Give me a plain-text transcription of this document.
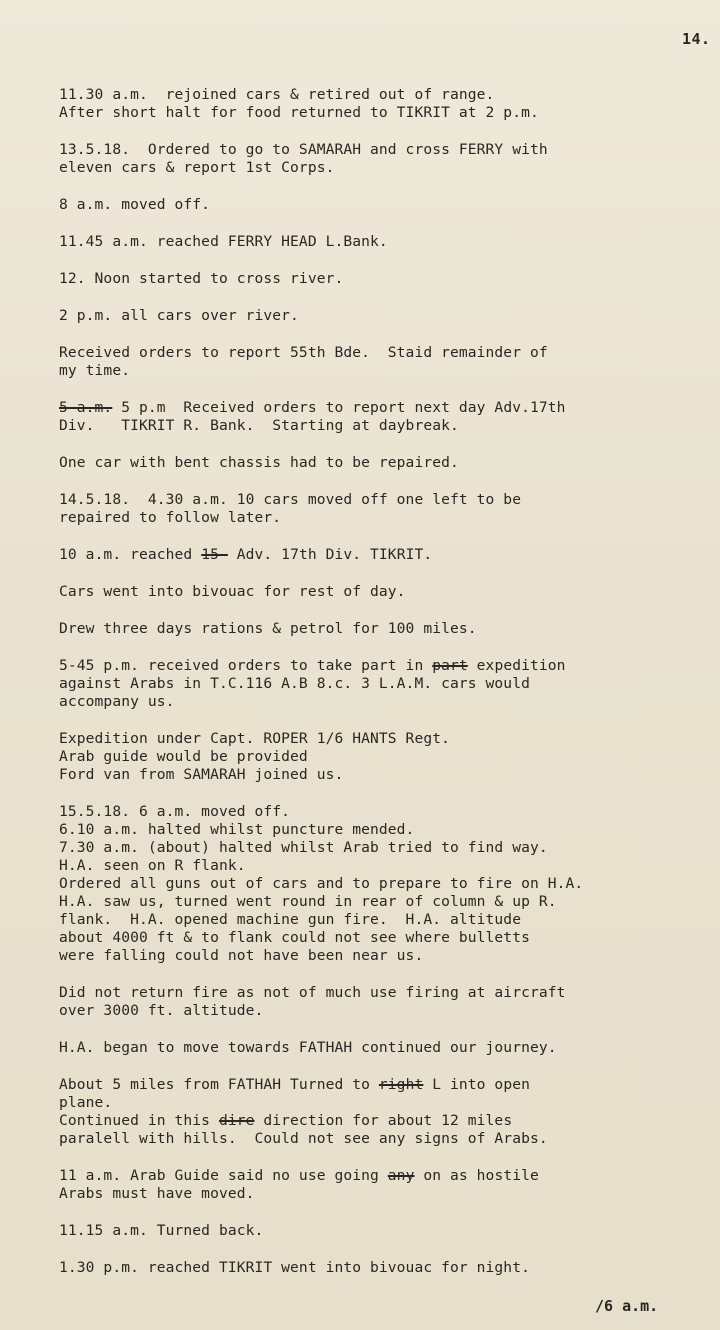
14.
11.30 a.m.  rejoined cars & retired out of range.
After short halt for food returned to TIKRIT at 2 p.m.
13.5.18.  Ordered to go to SAMARAH and cross FERRY with
eleven cars & report 1st Corps.
8 a.m. moved off.
11.45 a.m. reached FERRY HEAD L.Bank.
12. Noon started to cross river.
2 p.m. all cars over river.
Received orders to report 55th Bde.  Staid remainder of
my time.
5-a.m. 5 p.m  Received orders to report next day Adv.17th
Div.   TIKRIT R. Bank.  Starting at daybreak.
One car with bent chassis had to be repaired.
14.5.18.  4.30 a.m. 10 cars moved off one left to be
repaired to follow later.
10 a.m. reached 15- Adv. 17th Div. TIKRIT.
Cars went into bivouac for rest of day.
Drew three days rations & petrol for 100 miles.
5-45 p.m. received orders to take part in part expedition
against Arabs in T.C.116 A.B 8.c. 3 L.A.M. cars would
accompany us.
Expedition under Capt. ROPER 1/6 HANTS Regt.
Arab guide would be provided
Ford van from SAMARAH joined us.
15.5.18. 6 a.m. moved off.
6.10 a.m. halted whilst puncture mended.
7.30 a.m. (about) halted whilst Arab tried to find way.
H.A. seen on R flank.
Ordered all guns out of cars and to prepare to fire on H.A.
H.A. saw us, turned went round in rear of column & up R.
flank.  H.A. opened machine gun fire.  H.A. altitude
about 4000 ft & to flank could not see where bulletts
were falling could not have been near us.
Did not return fire as not of much use firing at aircraft
over 3000 ft. altitude.
H.A. began to move towards FATHAH continued our journey.
About 5 miles from FATHAH Turned to right L into open
plane.
Continued in this dire direction for about 12 miles
paralell with hills.  Could not see any signs of Arabs.
11 a.m. Arab Guide said no use going any on as hostile
Arabs must have moved.
11.15 a.m. Turned back.
1.30 p.m. reached TIKRIT went into bivouac for night.
/6 a.m.
